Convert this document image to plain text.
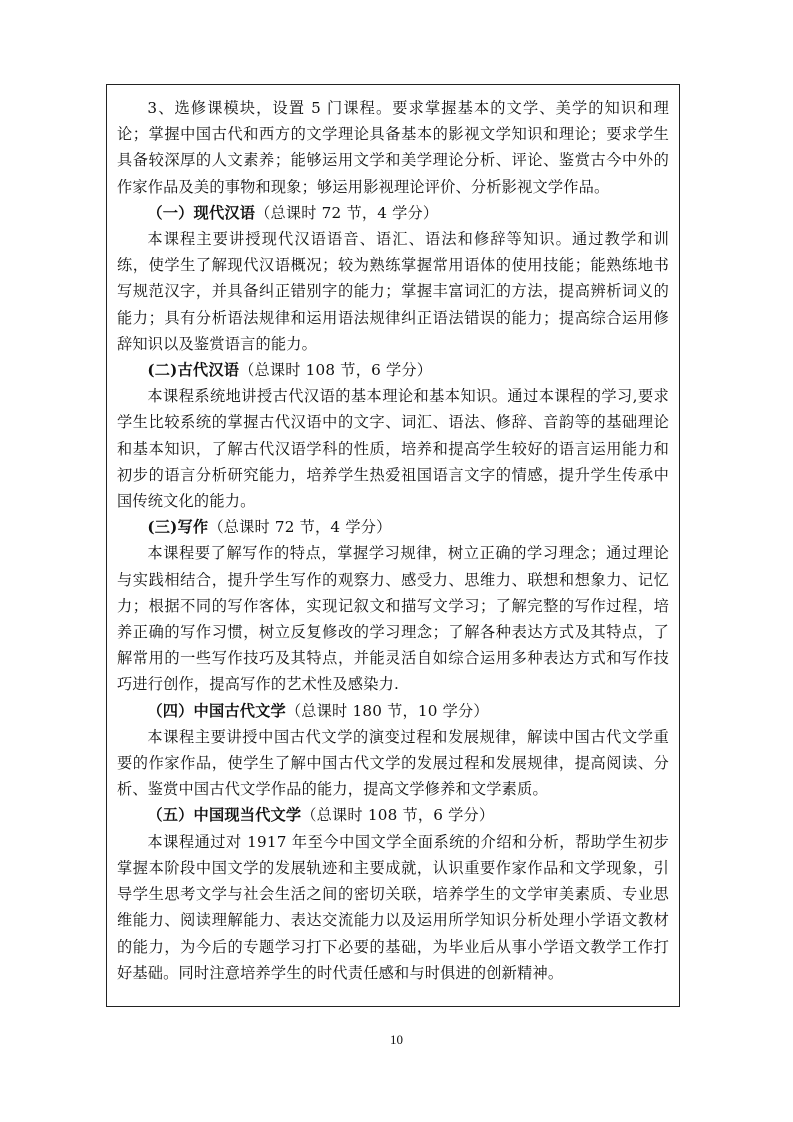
3、选修课模块，设置 5 门课程。要求掌握基本的文学、美学的知识和理论；掌握中国古代和西方的文学理论具备基本的影视文学知识和理论；要求学生具备较深厚的人文素养；能够运用文学和美学理论分析、评论、鉴赏古今中外的作家作品及美的事物和现象；够运用影视理论评价、分析影视文学作品。

（一）现代汉语（总课时 72 节，4 学分）

本课程主要讲授现代汉语语音、语汇、语法和修辞等知识。通过教学和训练，使学生了解现代汉语概况；较为熟练掌握常用语体的使用技能；能熟练地书写规范汉字，并具备纠正错别字的能力；掌握丰富词汇的方法，提高辨析词义的能力；具有分析语法规律和运用语法规律纠正语法错误的能力；提高综合运用修辞知识以及鉴赏语言的能力。

(二)古代汉语（总课时 108 节，6 学分）

本课程系统地讲授古代汉语的基本理论和基本知识。通过本课程的学习,要求学生比较系统的掌握古代汉语中的文字、词汇、语法、修辞、音韵等的基础理论和基本知识，了解古代汉语学科的性质，培养和提高学生较好的语言运用能力和初步的语言分析研究能力，培养学生热爱祖国语言文字的情感，提升学生传承中国传统文化的能力。

(三)写作（总课时 72 节，4 学分）

本课程要了解写作的特点，掌握学习规律，树立正确的学习理念；通过理论与实践相结合，提升学生写作的观察力、感受力、思维力、联想和想象力、记忆力；根据不同的写作客体，实现记叙文和描写文学习；了解完整的写作过程，培养正确的写作习惯，树立反复修改的学习理念；了解各种表达方式及其特点，了解常用的一些写作技巧及其特点，并能灵活自如综合运用多种表达方式和写作技巧进行创作，提高写作的艺术性及感染力.

（四）中国古代文学（总课时 180 节，10 学分）

本课程主要讲授中国古代文学的演变过程和发展规律，解读中国古代文学重要的作家作品，使学生了解中国古代文学的发展过程和发展规律，提高阅读、分析、鉴赏中国古代文学作品的能力，提高文学修养和文学素质。

（五）中国现当代文学（总课时 108 节，6 学分）

本课程通过对 1917 年至今中国文学全面系统的介绍和分析，帮助学生初步掌握本阶段中国文学的发展轨迹和主要成就，认识重要作家作品和文学现象，引导学生思考文学与社会生活之间的密切关联，培养学生的文学审美素质、专业思维能力、阅读理解能力、表达交流能力以及运用所学知识分析处理小学语文教材的能力，为今后的专题学习打下必要的基础，为毕业后从事小学语文教学工作打好基础。同时注意培养学生的时代责任感和与时俱进的创新精神。

10
